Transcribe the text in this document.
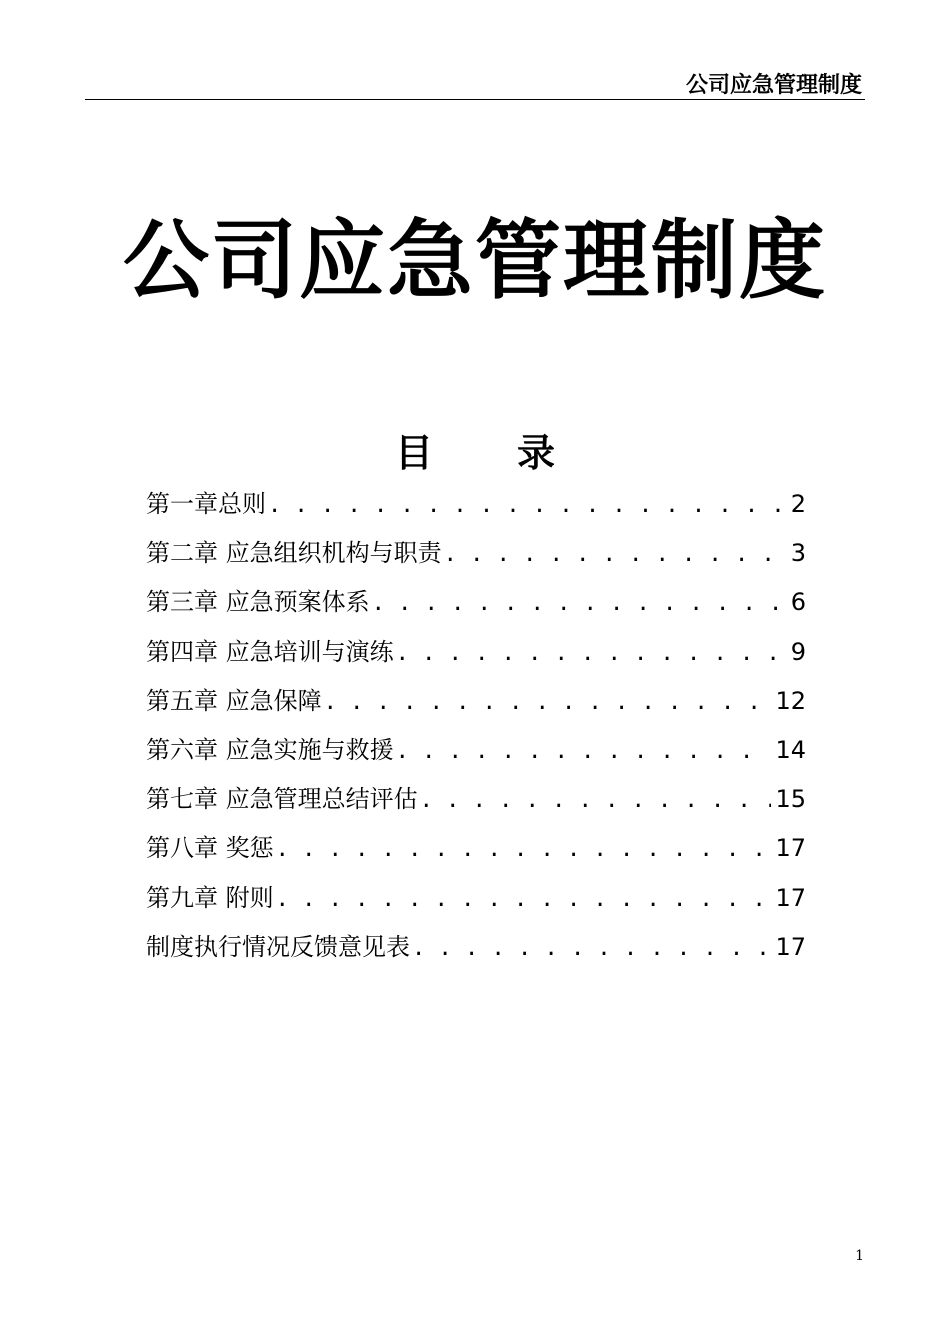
公司应急管理制度
公司应急管理制度
目 录
第一章总则 . . .	2
第二章 应急组织机构与职责 . . .	3
第三章 应急预案体系 . . .	6
第四章 应急培训与演练 . . .	9
第五章 应急保障 . . .	12
第六章 应急实施与救援 . . .	14
第七章 应急管理总结评估 . . .	15
第八章 奖惩 . . .	17
第九章 附则 . . .	17
制度执行情况反馈意见表 . . .	17
1
